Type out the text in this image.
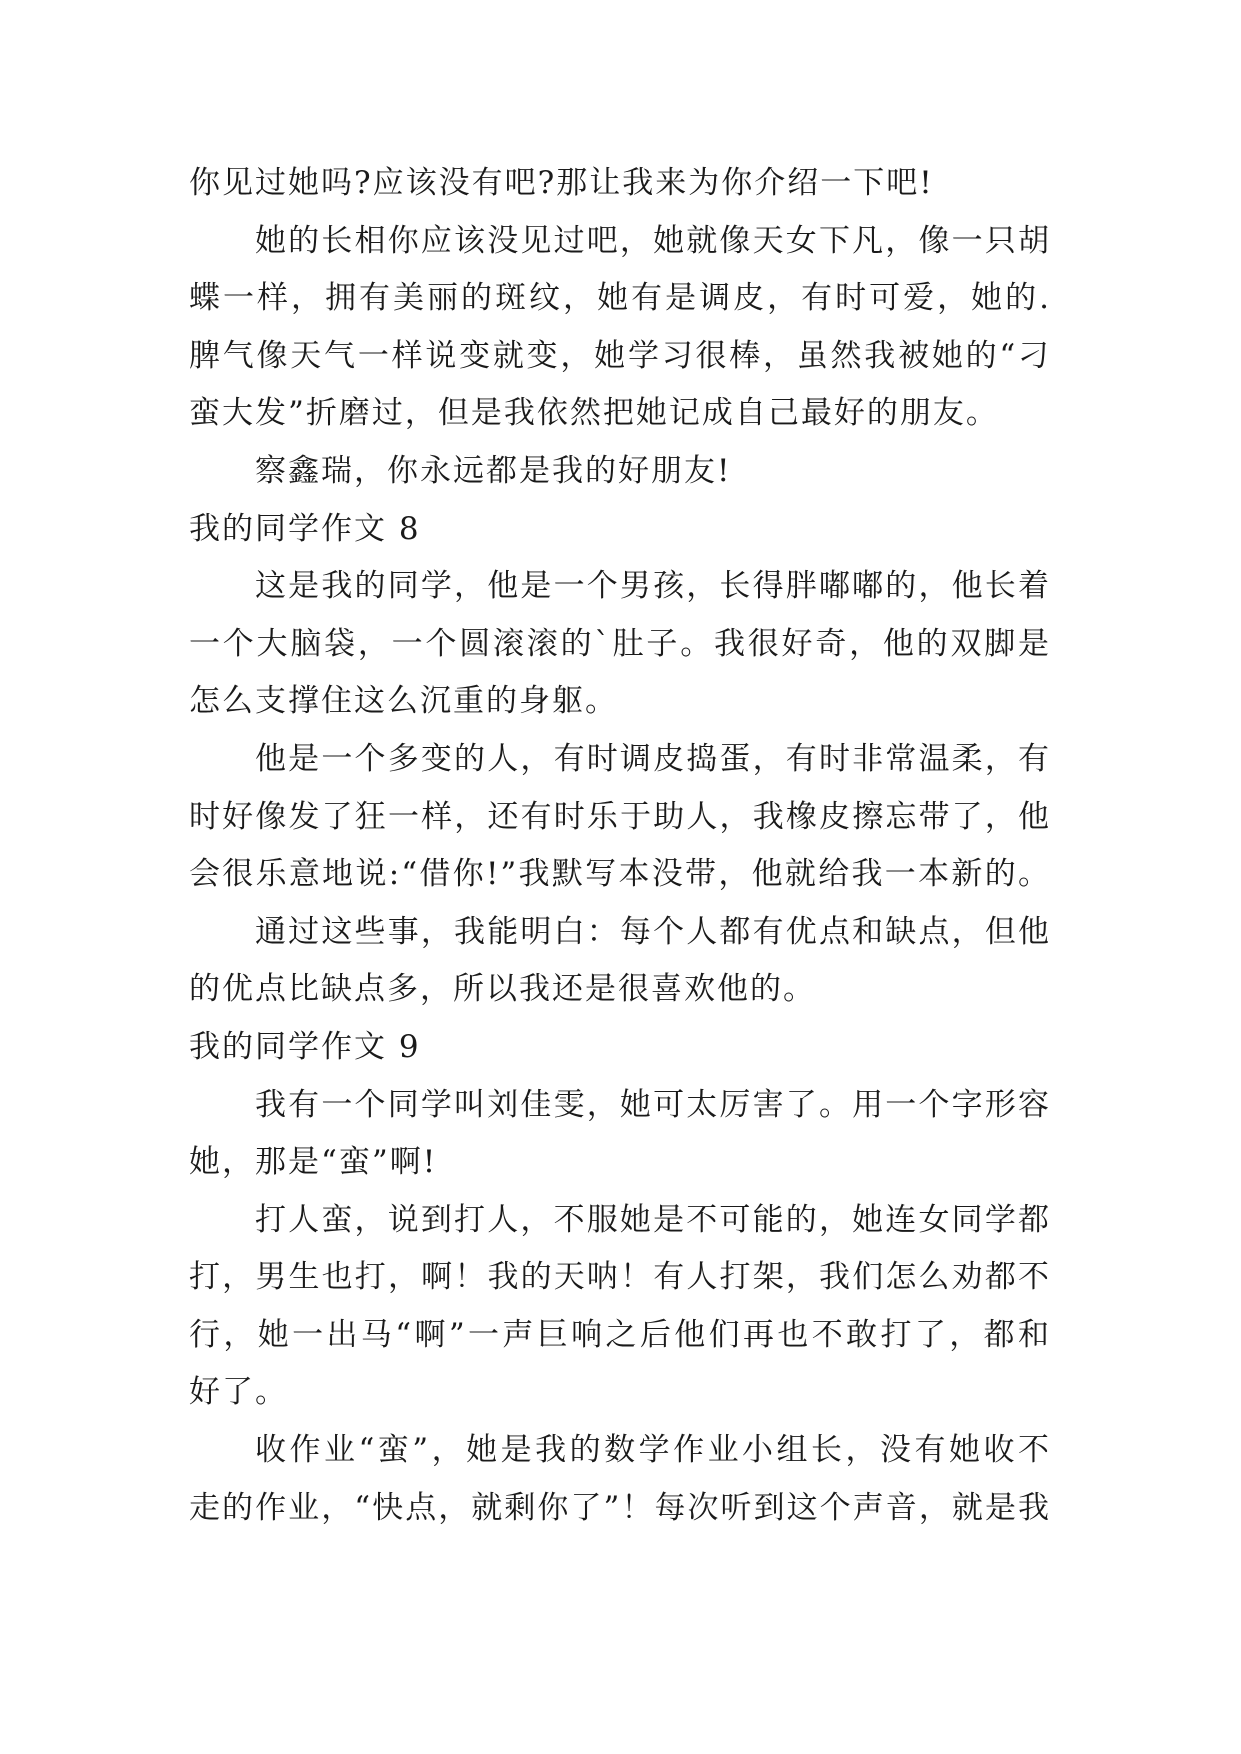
你见过她吗?应该没有吧?那让我来为你介绍一下吧!
她的长相你应该没见过吧，她就像天女下凡，像一只胡
蝶一样，拥有美丽的斑纹，她有是调皮，有时可爱，她的.
脾气像天气一样说变就变，她学习很棒，虽然我被她的“刁
蛮大发”折磨过，但是我依然把她记成自己最好的朋友。
察鑫瑞，你永远都是我的好朋友!
我的同学作文 8
这是我的同学，他是一个男孩，长得胖嘟嘟的，他长着
一个大脑袋，一个圆滚滚的`肚子。我很好奇，他的双脚是
怎么支撑住这么沉重的身躯。
他是一个多变的人，有时调皮捣蛋，有时非常温柔，有
时好像发了狂一样，还有时乐于助人，我橡皮擦忘带了，他
会很乐意地说:“借你!”我默写本没带，他就给我一本新的。
通过这些事，我能明白：每个人都有优点和缺点，但他
的优点比缺点多，所以我还是很喜欢他的。
我的同学作文 9
我有一个同学叫刘佳雯，她可太厉害了。用一个字形容
她，那是“蛮”啊!
打人蛮，说到打人，不服她是不可能的，她连女同学都
打，男生也打，啊！我的天呐！有人打架，我们怎么劝都不
行，她一出马“啊”一声巨响之后他们再也不敢打了，都和
好了。
收作业“蛮”，她是我的数学作业小组长，没有她收不
走的作业，“快点，就剩你了”！每次听到这个声音，就是我
